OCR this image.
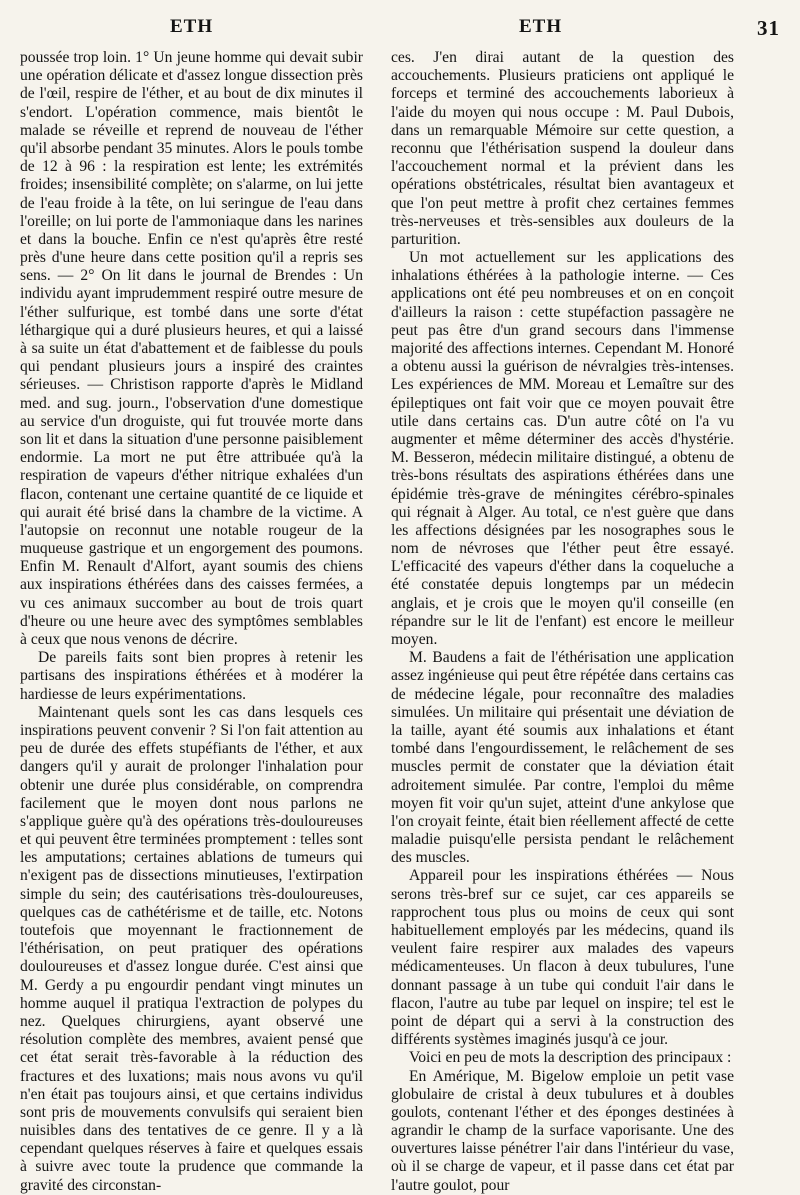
ETH	ETH	31

poussée trop loin. 1° Un jeune homme qui devait subir une opération délicate et d'assez longue dissection près de l'œil, respire de l'éther, et au bout de dix minutes il s'endort. L'opération commence, mais bientôt le malade se réveille et reprend de nouveau de l'éther qu'il absorbe pendant 35 minutes. Alors le pouls tombe de 12 à 96 : la respiration est lente; les extrémités froides; insensibilité complète; on s'alarme, on lui jette de l'eau froide à la tête, on lui seringue de l'eau dans l'oreille; on lui porte de l'ammoniaque dans les narines et dans la bouche. Enfin ce n'est qu'après être resté près d'une heure dans cette position qu'il a repris ses sens. — 2° On lit dans le journal de Brendes : Un individu ayant imprudemment respiré outre mesure de l'éther sulfurique, est tombé dans une sorte d'état léthargique qui a duré plusieurs heures, et qui a laissé à sa suite un état d'abattement et de faiblesse du pouls qui pendant plusieurs jours a inspiré des craintes sérieuses. — Christison rapporte d'après le Midland med. and sug. journ., l'observation d'une domestique au service d'un droguiste, qui fut trouvée morte dans son lit et dans la situation d'une personne paisiblement endormie. La mort ne put être attribuée qu'à la respiration de vapeurs d'éther nitrique exhalées d'un flacon, contenant une certaine quantité de ce liquide et qui aurait été brisé dans la chambre de la victime. A l'autopsie on reconnut une notable rougeur de la muqueuse gastrique et un engorgement des poumons. Enfin M. Renault d'Alfort, ayant soumis des chiens aux inspirations éthérées dans des caisses fermées, a vu ces animaux succomber au bout de trois quart d'heure ou une heure avec des symptômes semblables à ceux que nous venons de décrire.

De pareils faits sont bien propres à retenir les partisans des inspirations éthérées et à modérer la hardiesse de leurs expérimentations.

Maintenant quels sont les cas dans lesquels ces inspirations peuvent convenir ? Si l'on fait attention au peu de durée des effets stupéfiants de l'éther, et aux dangers qu'il y aurait de prolonger l'inhalation pour obtenir une durée plus considérable, on comprendra facilement que le moyen dont nous parlons ne s'applique guère qu'à des opérations très-douloureuses et qui peuvent être terminées promptement : telles sont les amputations; certaines ablations de tumeurs qui n'exigent pas de dissections minutieuses, l'extirpation simple du sein; des cautérisations très-douloureuses, quelques cas de cathétérisme et de taille, etc. Notons toutefois que moyennant le fractionnement de l'éthérisation, on peut pratiquer des opérations douloureuses et d'assez longue durée. C'est ainsi que M. Gerdy a pu engourdir pendant vingt minutes un homme auquel il pratiqua l'extraction de polypes du nez. Quelques chirurgiens, ayant observé une résolution complète des membres, avaient pensé que cet état serait très-favorable à la réduction des fractures et des luxations; mais nous avons vu qu'il n'en était pas toujours ainsi, et que certains individus sont pris de mouvements convulsifs qui seraient bien nuisibles dans des tentatives de ce genre. Il y a là cependant quelques réserves à faire et quelques essais à suivre avec toute la prudence que commande la gravité des circonstan-

ces. J'en dirai autant de la question des accouchements. Plusieurs praticiens ont appliqué le forceps et terminé des accouchements laborieux à l'aide du moyen qui nous occupe : M. Paul Dubois, dans un remarquable Mémoire sur cette question, a reconnu que l'éthérisation suspend la douleur dans l'accouchement normal et la prévient dans les opérations obstétricales, résultat bien avantageux et que l'on peut mettre à profit chez certaines femmes très-nerveuses et très-sensibles aux douleurs de la parturition.

Un mot actuellement sur les applications des inhalations éthérées à la pathologie interne. — Ces applications ont été peu nombreuses et on en conçoit d'ailleurs la raison : cette stupéfaction passagère ne peut pas être d'un grand secours dans l'immense majorité des affections internes. Cependant M. Honoré a obtenu aussi la guérison de névralgies très-intenses. Les expériences de MM. Moreau et Lemaître sur des épileptiques ont fait voir que ce moyen pouvait être utile dans certains cas. D'un autre côté on l'a vu augmenter et même déterminer des accès d'hystérie. M. Besseron, médecin militaire distingué, a obtenu de très-bons résultats des aspirations éthérées dans une épidémie très-grave de méningites cérébro-spinales qui régnait à Alger. Au total, ce n'est guère que dans les affections désignées par les nosographes sous le nom de névroses que l'éther peut être essayé. L'efficacité des vapeurs d'éther dans la coqueluche a été constatée depuis longtemps par un médecin anglais, et je crois que le moyen qu'il conseille (en répandre sur le lit de l'enfant) est encore le meilleur moyen.

M. Baudens a fait de l'éthérisation une application assez ingénieuse qui peut être répétée dans certains cas de médecine légale, pour reconnaître des maladies simulées. Un militaire qui présentait une déviation de la taille, ayant été soumis aux inhalations et étant tombé dans l'engourdissement, le relâchement de ses muscles permit de constater que la déviation était adroitement simulée. Par contre, l'emploi du même moyen fit voir qu'un sujet, atteint d'une ankylose que l'on croyait feinte, était bien réellement affecté de cette maladie puisqu'elle persista pendant le relâchement des muscles.

Appareil pour les inspirations éthérées — Nous serons très-bref sur ce sujet, car ces appareils se rapprochent tous plus ou moins de ceux qui sont habituellement employés par les médecins, quand ils veulent faire respirer aux malades des vapeurs médicamenteuses. Un flacon à deux tubulures, l'une donnant passage à un tube qui conduit l'air dans le flacon, l'autre au tube par lequel on inspire; tel est le point de départ qui a servi à la construction des différents systèmes imaginés jusqu'à ce jour.

Voici en peu de mots la description des principaux :

En Amérique, M. Bigelow emploie un petit vase globulaire de cristal à deux tubulures et à doubles goulots, contenant l'éther et des éponges destinées à agrandir le champ de la surface vaporisante. Une des ouvertures laisse pénétrer l'air dans l'intérieur du vase, où il se charge de vapeur, et il passe dans cet état par l'autre goulot, pour
